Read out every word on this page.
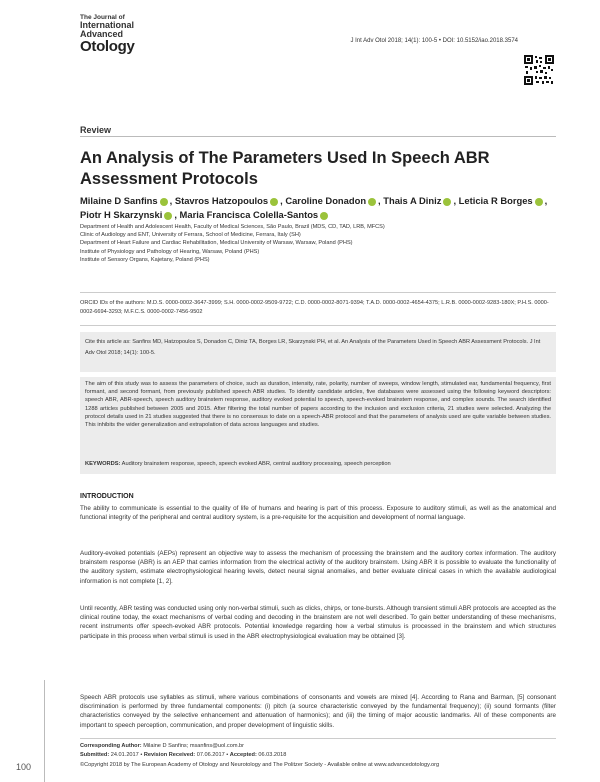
The Journal of
International
Advanced
Otology	J Int Adv Otol 2018; 14(1): 100-5 • DOI: 10.5152/iao.2018.3574
Review
An Analysis of The Parameters Used In Speech ABR Assessment Protocols
Milaine D Sanfins , Stavros Hatzopoulos , Caroline Donadon , Thais A Diniz , Leticia R Borges , Piotr H Skarzynski , Maria Francisca Colella-Santos
Department of Health and Adolescent Health, Faculty of Medical Sciences, São Paulo, Brazil (MDS, CD, TAD, LRB, MFCS)
Clinic of Audiology and ENT, University of Ferrara, School of Medicine, Ferrara, Italy (SH)
Department of Heart Failure and Cardiac Rehabilitation, Medical University of Warsaw, Warsaw, Poland (PHS)
Institute of Physiology and Pathology of Hearing, Warsaw, Poland (PHS)
Institute of Sensory Organs, Kajetany, Poland (PHS)
ORCID IDs of the authors: M.D.S. 0000-0002-3647-3999; S.H. 0000-0002-9509-9722; C.D. 0000-0002-8071-9394; T.A.D. 0000-0002-4654-4375; L.R.B. 0000-0002-9283-180X; P.H.S. 0000-0002-6694-3293; M.F.C.S. 0000-0002-7456-9502
Cite this article as: Sanfins MD, Hatzopoulos S, Donadon C, Diniz TA, Borges LR, Skarzynski PH, et al. An Analysis of the Parameters Used in Speech ABR Assessment Protocols. J Int Adv Otol 2018; 14(1): 100-5.
The aim of this study was to assess the parameters of choice, such as duration, intensity, rate, polarity, number of sweeps, window length, stimulated ear, fundamental frequency, first formant, and second formant, from previously published speech ABR studies. To identify candidate articles, five databases were assessed using the following keyword descriptors: speech ABR, ABR-speech, speech auditory brainstem response, auditory evoked potential to speech, speech-evoked brainstem response, and complex sounds. The search identified 1288 articles published between 2005 and 2015. After filtering the total number of papers according to the inclusion and exclusion criteria, 21 studies were selected. Analyzing the protocol details used in 21 studies suggested that there is no consensus to date on a speech-ABR protocol and that the parameters of analysis used are quite variable between studies. This inhibits the wider generalization and extrapolation of data across languages and studies.
KEYWORDS: Auditory brainstem response, speech, speech evoked ABR, central auditory processing, speech perception
INTRODUCTION
The ability to communicate is essential to the quality of life of humans and hearing is part of this process. Exposure to auditory stimuli, as well as the anatomical and functional integrity of the peripheral and central auditory system, is a pre-requisite for the acquisition and development of normal language.
Auditory-evoked potentials (AEPs) represent an objective way to assess the mechanism of processing the brainstem and the auditory cortex information. The auditory brainstem response (ABR) is an AEP that carries information from the electrical activity of the auditory brainstem. Using ABR it is possible to evaluate the functionality of the auditory system, estimate electrophysiological hearing levels, detect neural signal anomalies, and better evaluate clinical cases in which the available audiological information is not complete [1, 2].
Until recently, ABR testing was conducted using only non-verbal stimuli, such as clicks, chirps, or tone-bursts. Although transient stimuli ABR protocols are accepted as the clinical routine today, the exact mechanisms of verbal coding and decoding in the brainstem are not well described. To gain better understanding of these mechanisms, recent instruments offer speech-evoked ABR protocols. Potential knowledge regarding how a verbal stimulus is processed in the brainstem and which structures participate in this process when verbal stimuli is used in the ABR electrophysiological evaluation may be obtained [3].
Speech ABR protocols use syllables as stimuli, where various combinations of consonants and vowels are mixed [4]. According to Rana and Barman, [5] consonant discrimination is performed by three fundamental components: (i) pitch (a source characteristic conveyed by the fundamental frequency); (ii) sound formants (filter characteristics conveyed by the selective enhancement and attenuation of harmonics); and (iii) the timing of major acoustic landmarks. All of these components are important to speech perception, communication, and proper development of linguistic skills.
100
Corresponding Author: Milaine D Sanfins; msanfins@uol.com.br
Submitted: 24.01.2017 • Revision Received: 07.06.2017 • Accepted: 06.03.2018
©Copyright 2018 by The European Academy of Otology and Neurotology and The Politzer Society - Available online at www.advancedotology.org
